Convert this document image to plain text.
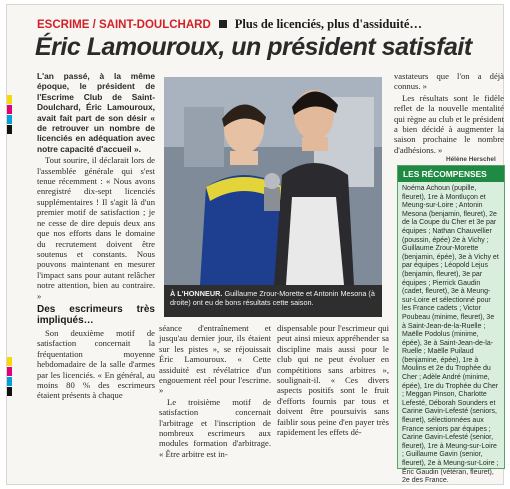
ESCRIME / SAINT-DOULCHARD Plus de licenciés, plus d'assiduité…
Éric Lamouroux, un président satisfait

L'an passé, à la même époque, le président de l'Escrime Club de Saint-Doulchard, Éric Lamouroux, avait fait part de son désir « de retrouver un nombre de licenciés en adéquation avec notre capacité d'accueil ».

Tout sourire, il déclarait lors de l'assemblée générale qui s'est tenue récemment : « Nous avons enregistré dix-sept licenciés supplémentaires ! Il s'agit là d'un premier motif de satisfaction ; je ne cesse de dire depuis deux ans que nos efforts dans le domaine du recrutement doivent être soutenus et constants. Nous pouvons maintenant en mesurer l'impact sans pour autant relâcher notre attention, bien au contraire. »

Des escrimeurs très impliqués…

Son deuxième motif de satisfaction concernait la fréquentation moyenne hebdomadaire de la salle d'armes par les licenciés. « En général, au moins 80 % des escrimeurs étaient présents à chaque

À L'HONNEUR. Guillaume Zrour-Morette et Antonin Mesona (à droite) ont eu de bons résultats cette saison.

vastateurs que l'on a déjà connus. »

Les résultats sont le fidèle reflet de la nouvelle mentalité qui règne au club et le président a bien décidé à augmenter la saison prochaine le nombre d'adhésions. »

Hélène Herschel

séance d'entraînement et jusqu'au dernier jour, ils étaient sur les pistes », se réjouissait Éric Lamouroux. « Cette assiduité est révélatrice d'un engouement réel pour l'escrime. »

Le troisième motif de satisfaction concernait l'arbitrage et l'inscription de nombreux escrimeurs aux modules formation d'arbitrage. « Être arbitre est in-

dispensable pour l'escrimeur qui peut ainsi mieux appréhender sa discipline mais aussi pour le club qui ne peut évoluer en compétitions sans arbitres », soulignait-il. « Ces divers aspects positifs sont le fruit d'efforts fournis par tous et doivent être poursuivis sans faiblir sous peine d'en payer très rapidement les effets dé-

LES RÉCOMPENSES
Noéma Achoun (pupille, fleuret), 1re à Montluçon et Meung-sur-Loire ; Antonin Mesona (benjamin, fleuret), 2e de la Coupe du Cher et 3e par équipes ; Nathan Chauvellier (poussin, épée) 2e à Vichy ; Guillaume Zrour-Morette (benjamin, épée), 3e à Vichy et par équipes ; Léopold Lejus (benjamin, fleuret), 3e par équipes ; Pierrick Gaudin (cadet, fleuret), 3e à Meung-sur-Loire et sélectionné pour les France cadets ; Victor Poubeau (minime, fleuret), 3e à Saint-Jean-de-la-Ruelle ; Maëlle Podolus (minime, épée), 3e à Saint-Jean-de-la-Ruelle ; Maëlle Puilaud (benjamine, épée), 1re à Moulins et 2e du Trophée du Cher ; Adèle André (minime, épée), 1re du Trophée du Cher ; Meggan Pinson, Charlotte Lefesté, Déborah Sounders et Carine Gavin-Lefesté (seniors, fleuret), sélectionnées aux France seniors par équipes ; Carine Gavin-Lefesté (senior, fleuret), 1re à Meung-sur-Loire ; Guillaume Gavin (senior, fleuret), 2e à Meung-sur-Loire ; Éric Gaudin (vétéran, fleuret), 2e des France.
